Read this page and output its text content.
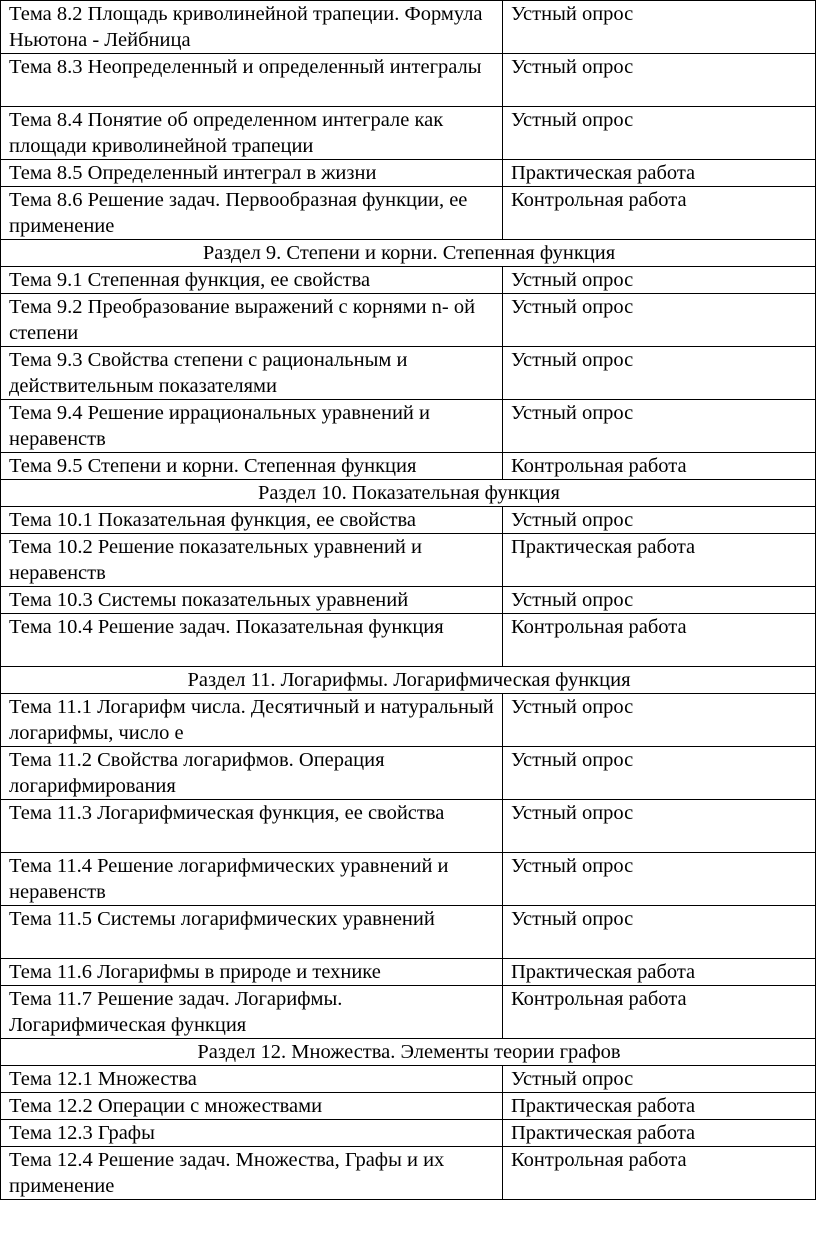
Тема 8.2 Площадь криволинейной трапеции. Формула Ньютона - Лейбница	Устный опрос
Тема 8.3 Неопределенный и определенный интегралы	Устный опрос
Тема 8.4 Понятие об определенном интеграле как площади криволинейной трапеции	Устный опрос
Тема 8.5 Определенный интеграл в жизни	Практическая работа
Тема 8.6 Решение задач. Первообразная функции, ее применение	Контрольная работа
Раздел 9. Степени и корни. Степенная функция	
Тема 9.1 Степенная функция, ее свойства	Устный опрос
Тема 9.2 Преобразование выражений с корнями n- ой степени	Устный опрос
Тема 9.3 Свойства степени с рациональным и действительным показателями	Устный опрос
Тема 9.4 Решение иррациональных уравнений и неравенств	Устный опрос
Тема 9.5 Степени и корни. Степенная функция	Контрольная работа
Раздел 10. Показательная функция	
Тема 10.1 Показательная функция, ее свойства	Устный опрос
Тема 10.2 Решение показательных уравнений и неравенств	Практическая работа
Тема 10.3 Системы показательных уравнений	Устный опрос
Тема 10.4 Решение задач. Показательная функция	Контрольная работа
Раздел 11. Логарифмы. Логарифмическая функция	
Тема 11.1 Логарифм числа. Десятичный и натуральный логарифмы, число е	Устный опрос
Тема 11.2 Свойства логарифмов. Операция логарифмирования	Устный опрос
Тема 11.3 Логарифмическая функция, ее свойства	Устный опрос
Тема 11.4 Решение логарифмических уравнений и неравенств	Устный опрос
Тема 11.5 Системы логарифмических уравнений	Устный опрос
Тема 11.6 Логарифмы в природе и технике	Практическая работа
Тема 11.7 Решение задач. Логарифмы. Логарифмическая функция	Контрольная работа
Раздел 12. Множества. Элементы теории графов	
Тема 12.1 Множества	Устный опрос
Тема 12.2 Операции с множествами	Практическая работа
Тема 12.3 Графы	Практическая работа
Тема 12.4 Решение задач. Множества, Графы и их применение	Контрольная работа
